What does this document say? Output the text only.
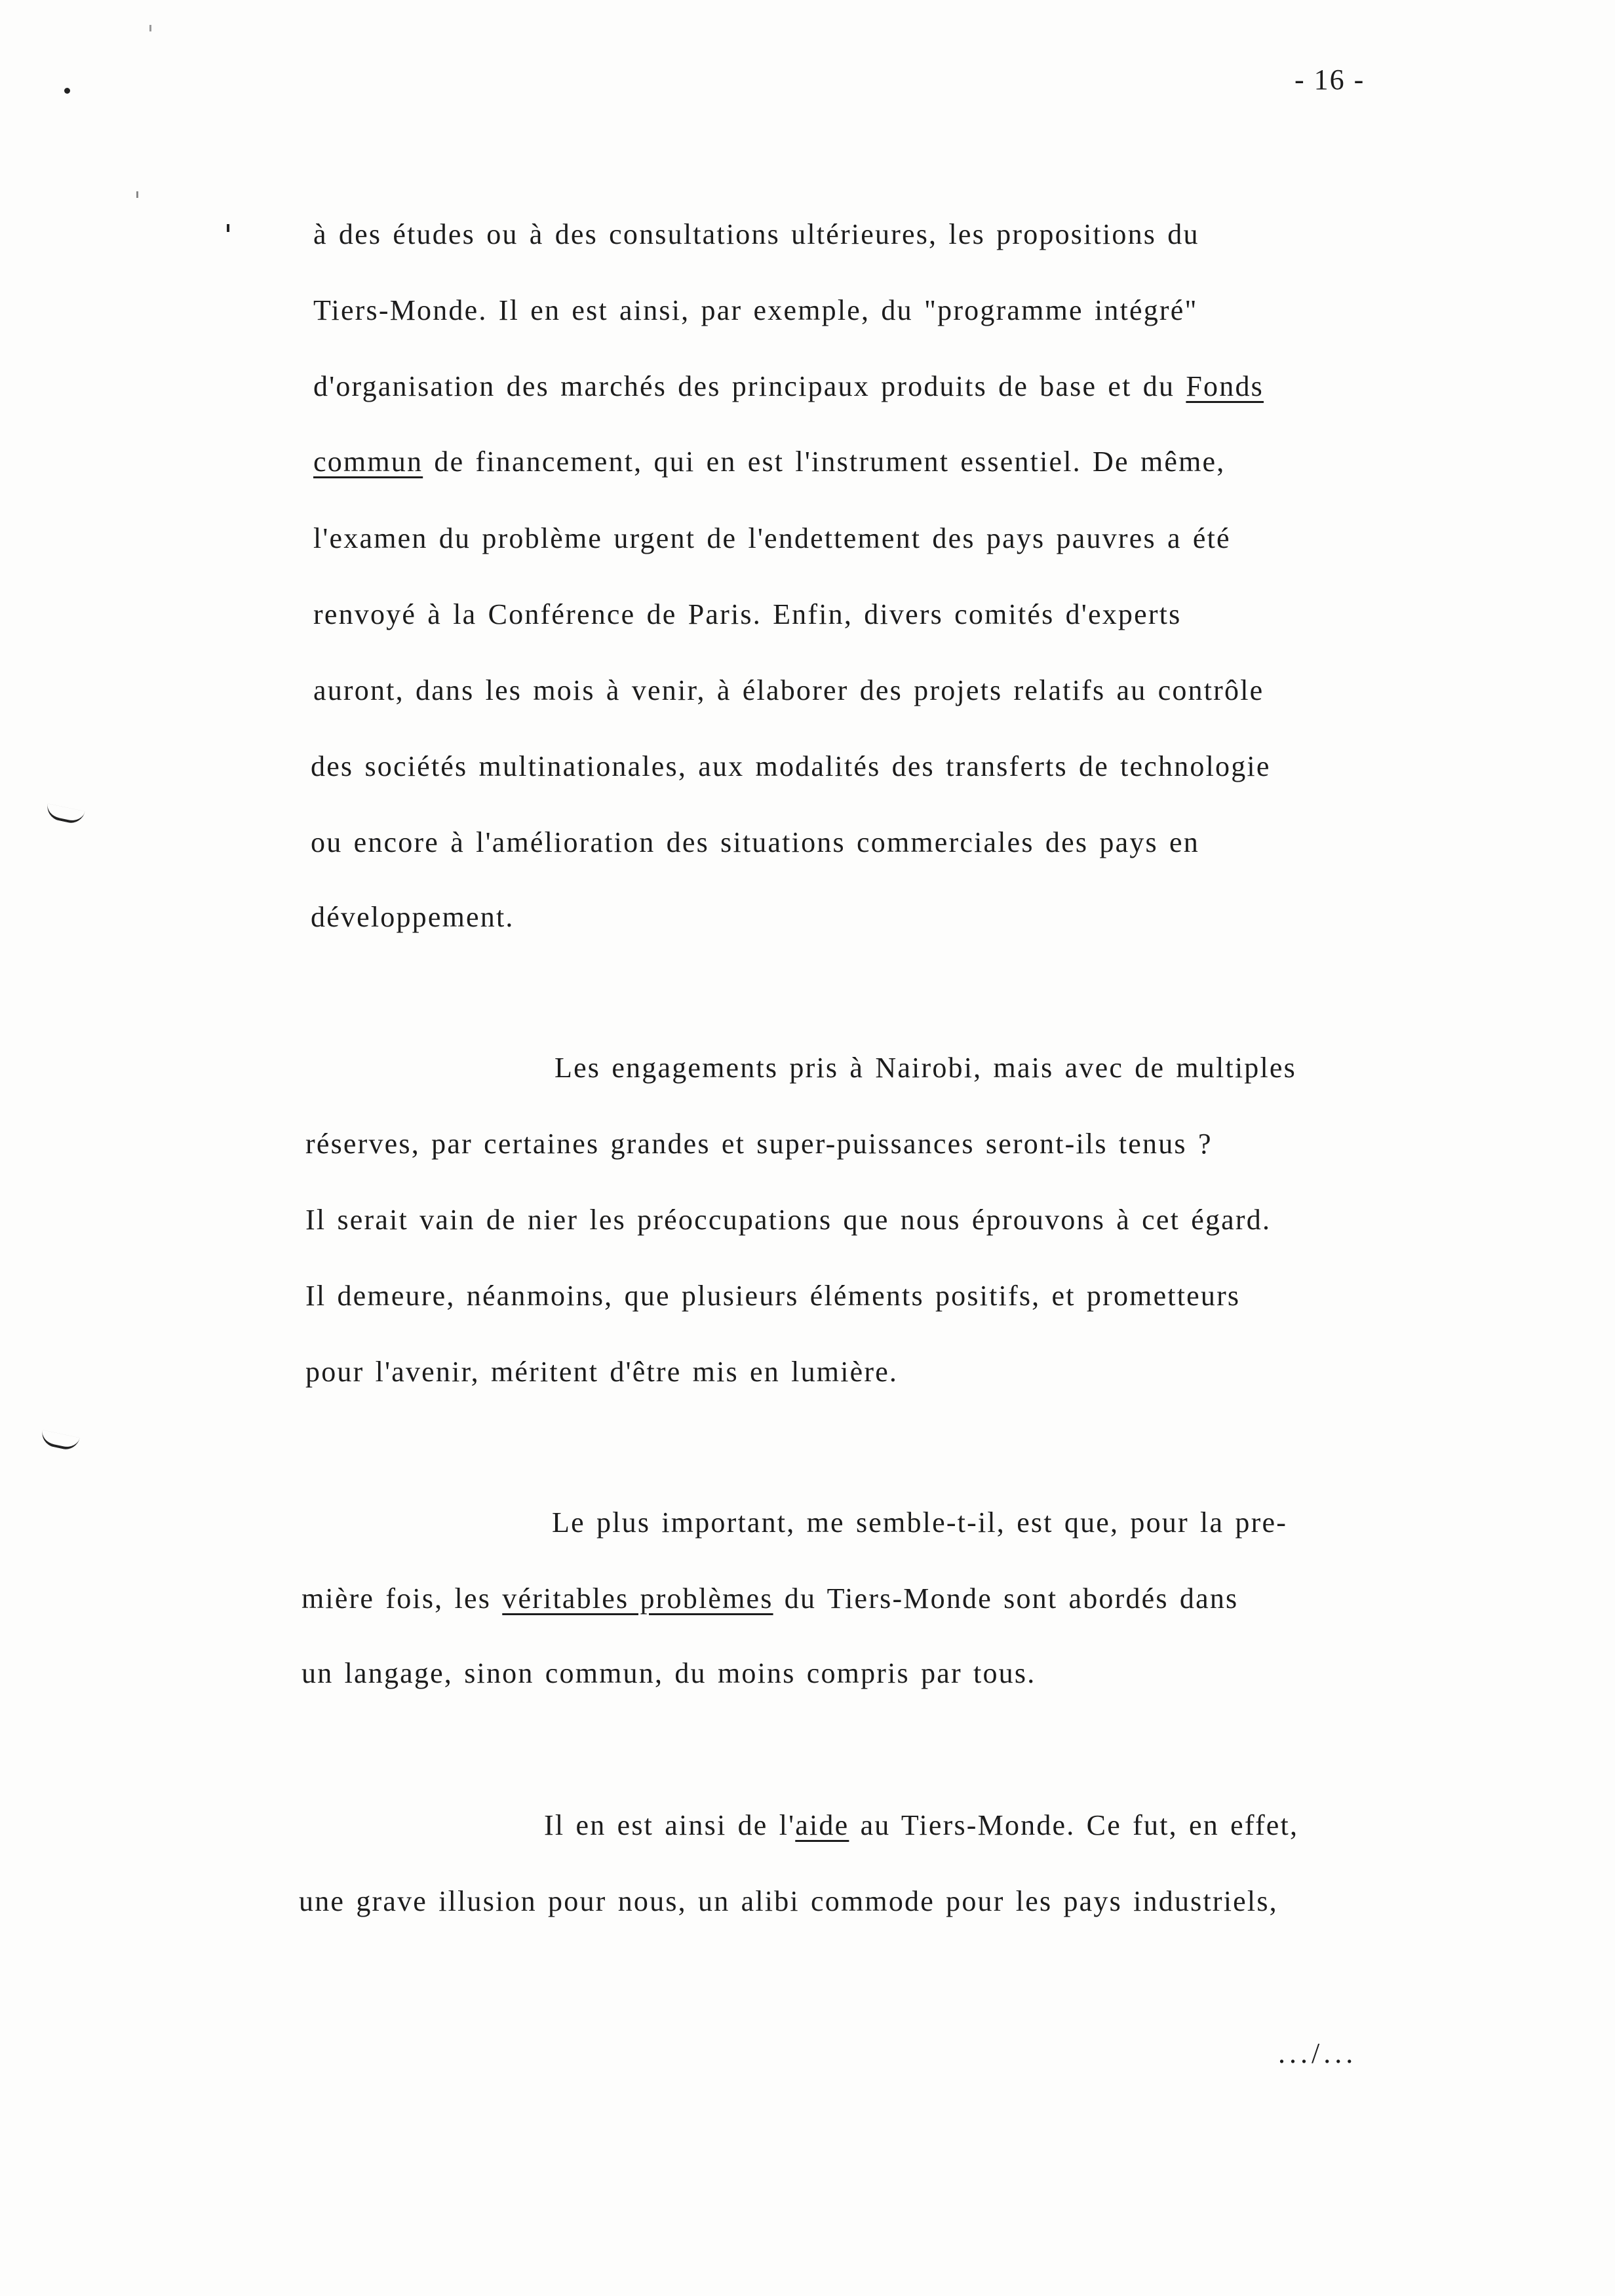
- 16 -
à des études ou à des consultations ultérieures, les propositions du
Tiers-Monde. Il en est ainsi, par exemple, du "programme intégré"
d'organisation des marchés des principaux produits de base et du Fonds
commun de financement, qui en est l'instrument essentiel. De même,
l'examen du problème urgent de l'endettement des pays pauvres a été
renvoyé à la Conférence de Paris. Enfin, divers comités d'experts
auront, dans les mois à venir, à élaborer des projets relatifs au contrôle
des sociétés multinationales, aux modalités des transferts de technologie
ou encore à l'amélioration des situations commerciales des pays en
développement.
Les engagements pris à Nairobi, mais avec de multiples
réserves, par certaines grandes et super-puissances seront-ils tenus ?
Il serait vain de nier les préoccupations que nous éprouvons à cet égard.
Il demeure, néanmoins, que plusieurs éléments positifs, et prometteurs
pour l'avenir, méritent d'être mis en lumière.
Le plus important, me semble-t-il, est que, pour la pre-
mière fois, les véritables problèmes du Tiers-Monde sont abordés dans
un langage, sinon commun, du moins compris par tous.
Il en est ainsi de l'aide au Tiers-Monde. Ce fut, en effet,
une grave illusion pour nous, un alibi commode pour les pays industriels,
.../...
